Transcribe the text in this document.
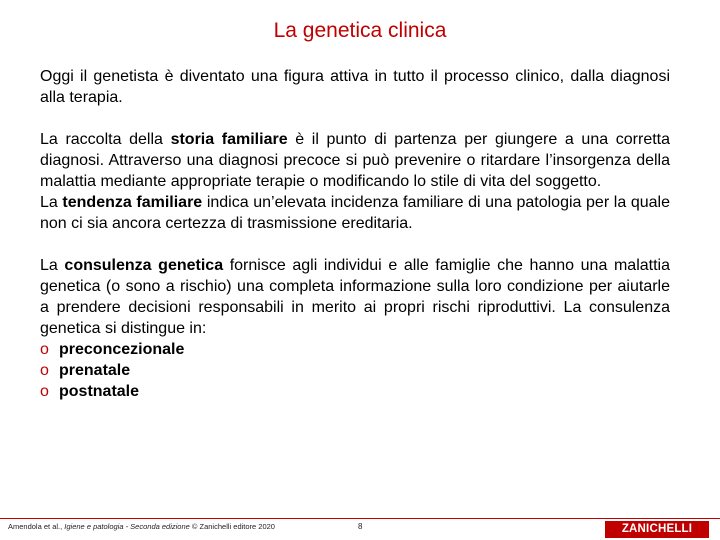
La genetica clinica

Oggi il genetista è diventato una figura attiva in tutto il processo clinico, dalla diagnosi alla terapia.

La raccolta della storia familiare è il punto di partenza per giungere a una corretta diagnosi. Attraverso una diagnosi precoce si può prevenire o ritardare l’insorgenza della malattia mediante appropriate terapie o modificando lo stile di vita del soggetto.

La tendenza familiare indica un’elevata incidenza familiare di una patologia per la quale non ci sia ancora certezza di trasmissione ereditaria.

La consulenza genetica fornisce agli individui e alle famiglie che hanno una malattia genetica (o sono a rischio) una completa informazione sulla loro condizione per aiutarle a prendere decisioni responsabili in merito ai propri rischi riproduttivi. La consulenza genetica si distingue in:

o preconcezionale
o prenatale
o postnatale
Amendola et al., Igiene e patologia - Seconda edizione © Zanichelli editore 2020	8	ZANICHELLI
